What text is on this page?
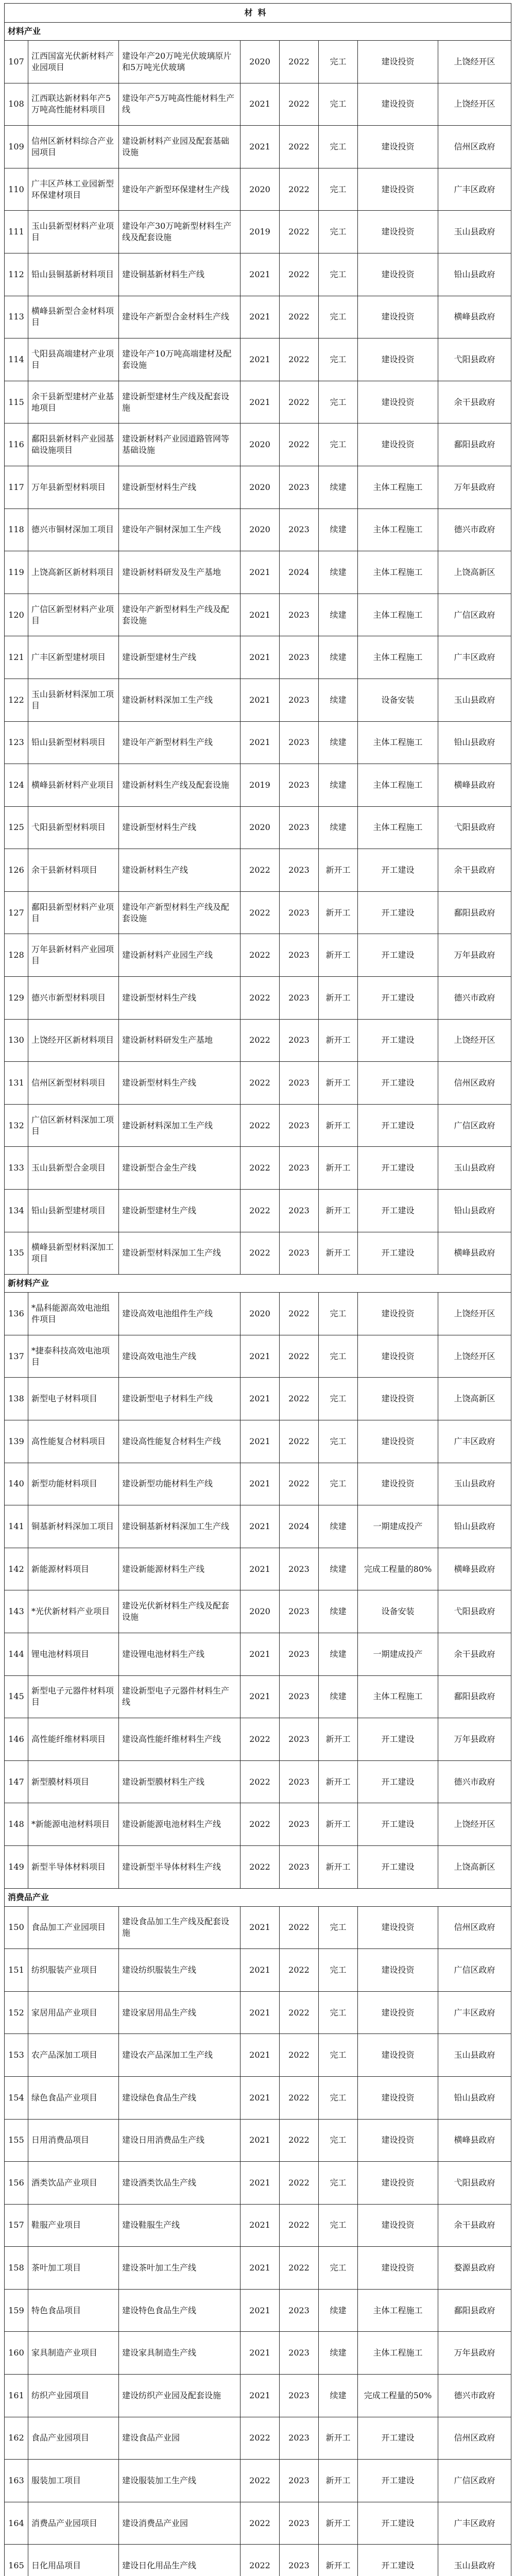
材料							
材料产业							
107	江西国富光伏新材料产业园项目	建设年产20万吨光伏玻璃原片和5万吨光伏玻璃	2020	2022	完工	建设投资	上饶经开区
108	江西联达新材料年产5万吨高性能材料项目	建设年产5万吨高性能材料生产线	2021	2022	完工	建设投资	上饶经开区
109	信州区新材料综合产业园项目	建设新材料产业园及配套基础设施	2021	2022	完工	建设投资	信州区政府
110	广丰区芦林工业园新型环保建材项目	建设年产新型环保建材生产线	2020	2022	完工	建设投资	广丰区政府
111	玉山县新型材料产业项目	建设年产30万吨新型材料生产线及配套设施	2019	2022	完工	建设投资	玉山县政府
112	铅山县铜基新材料项目	建设铜基新材料生产线	2021	2022	完工	建设投资	铅山县政府
113	横峰县新型合金材料项目	建设年产新型合金材料生产线	2021	2022	完工	建设投资	横峰县政府
114	弋阳县高端建材产业项目	建设年产10万吨高端建材及配套设施	2021	2022	完工	建设投资	弋阳县政府
115	余干县新型建材产业基地项目	建设新型建材生产线及配套设施	2021	2022	完工	建设投资	余干县政府
116	鄱阳县新材料产业园基础设施项目	建设新材料产业园道路管网等基础设施	2020	2022	完工	建设投资	鄱阳县政府
117	万年县新型材料项目	建设新型材料生产线	2020	2023	续建	主体工程施工	万年县政府
118	德兴市铜材深加工项目	建设年产铜材深加工生产线	2020	2023	续建	主体工程施工	德兴市政府
119	上饶高新区新材料项目	建设新材料研发及生产基地	2021	2024	续建	主体工程施工	上饶高新区
120	广信区新型材料产业项目	建设年产新型材料生产线及配套设施	2021	2023	续建	主体工程施工	广信区政府
121	广丰区新型建材项目	建设新型建材生产线	2021	2023	续建	主体工程施工	广丰区政府
122	玉山县新材料深加工项目	建设新材料深加工生产线	2021	2023	续建	设备安装	玉山县政府
123	铅山县新型材料项目	建设年产新型材料生产线	2021	2023	续建	主体工程施工	铅山县政府
124	横峰县新材料产业项目	建设新材料生产线及配套设施	2019	2023	续建	主体工程施工	横峰县政府
125	弋阳县新型材料项目	建设新型材料生产线	2020	2023	续建	主体工程施工	弋阳县政府
126	余干县新材料项目	建设新材料生产线	2022	2023	新开工	开工建设	余干县政府
127	鄱阳县新型材料产业项目	建设年产新型材料生产线及配套设施	2022	2023	新开工	开工建设	鄱阳县政府
128	万年县新材料产业园项目	建设新材料产业园生产线	2022	2023	新开工	开工建设	万年县政府
129	德兴市新型材料项目	建设新型材料生产线	2022	2023	新开工	开工建设	德兴市政府
130	上饶经开区新材料项目	建设新材料研发生产基地	2022	2023	新开工	开工建设	上饶经开区
131	信州区新型材料项目	建设新型材料生产线	2022	2023	新开工	开工建设	信州区政府
132	广信区新材料深加工项目	建设新材料深加工生产线	2022	2023	新开工	开工建设	广信区政府
133	玉山县新型合金项目	建设新型合金生产线	2022	2023	新开工	开工建设	玉山县政府
134	铅山县新型建材项目	建设新型建材生产线	2022	2023	新开工	开工建设	铅山县政府
135	横峰县新型材料深加工项目	建设新型材料深加工生产线	2022	2023	新开工	开工建设	横峰县政府
新材料产业							
136	*晶科能源高效电池组件项目	建设高效电池组件生产线	2020	2022	完工	建设投资	上饶经开区
137	*捷泰科技高效电池项目	建设高效电池生产线	2021	2022	完工	建设投资	上饶经开区
138	新型电子材料项目	建设新型电子材料生产线	2021	2022	完工	建设投资	上饶高新区
139	高性能复合材料项目	建设高性能复合材料生产线	2021	2022	完工	建设投资	广丰区政府
140	新型功能材料项目	建设新型功能材料生产线	2021	2022	完工	建设投资	玉山县政府
141	铜基新材料深加工项目	建设铜基新材料深加工生产线	2021	2024	续建	一期建成投产	铅山县政府
142	新能源材料项目	建设新能源材料生产线	2021	2023	续建	完成工程量的80%	横峰县政府
143	*光伏新材料产业项目	建设光伏新材料生产线及配套设施	2020	2023	续建	设备安装	弋阳县政府
144	锂电池材料项目	建设锂电池材料生产线	2021	2023	续建	一期建成投产	余干县政府
145	新型电子元器件材料项目	建设新型电子元器件材料生产线	2021	2023	续建	主体工程施工	鄱阳县政府
146	高性能纤维材料项目	建设高性能纤维材料生产线	2022	2023	新开工	开工建设	万年县政府
147	新型膜材料项目	建设新型膜材料生产线	2022	2023	新开工	开工建设	德兴市政府
148	*新能源电池材料项目	建设新能源电池材料生产线	2022	2023	新开工	开工建设	上饶经开区
149	新型半导体材料项目	建设新型半导体材料生产线	2022	2023	新开工	开工建设	上饶高新区
消费品产业							
150	食品加工产业园项目	建设食品加工生产线及配套设施	2021	2022	完工	建设投资	信州区政府
151	纺织服装产业项目	建设纺织服装生产线	2021	2022	完工	建设投资	广信区政府
152	家居用品产业项目	建设家居用品生产线	2021	2022	完工	建设投资	广丰区政府
153	农产品深加工项目	建设农产品深加工生产线	2021	2022	完工	建设投资	玉山县政府
154	绿色食品产业项目	建设绿色食品生产线	2021	2022	完工	建设投资	铅山县政府
155	日用消费品项目	建设日用消费品生产线	2021	2022	完工	建设投资	横峰县政府
156	酒类饮品产业项目	建设酒类饮品生产线	2021	2022	完工	建设投资	弋阳县政府
157	鞋服产业项目	建设鞋服生产线	2021	2022	完工	建设投资	余干县政府
158	茶叶加工项目	建设茶叶加工生产线	2021	2022	完工	建设投资	婺源县政府
159	特色食品项目	建设特色食品生产线	2021	2023	续建	主体工程施工	鄱阳县政府
160	家具制造产业项目	建设家具制造生产线	2021	2023	续建	主体工程施工	万年县政府
161	纺织产业园项目	建设纺织产业园及配套设施	2021	2023	续建	完成工程量的50%	德兴市政府
162	食品产业园项目	建设食品产业园	2022	2023	新开工	开工建设	信州区政府
163	服装加工项目	建设服装加工生产线	2022	2023	新开工	开工建设	广信区政府
164	消费品产业园项目	建设消费品产业园	2022	2023	新开工	开工建设	广丰区政府
165	日化用品项目	建设日化用品生产线	2022	2023	新开工	开工建设	玉山县政府
